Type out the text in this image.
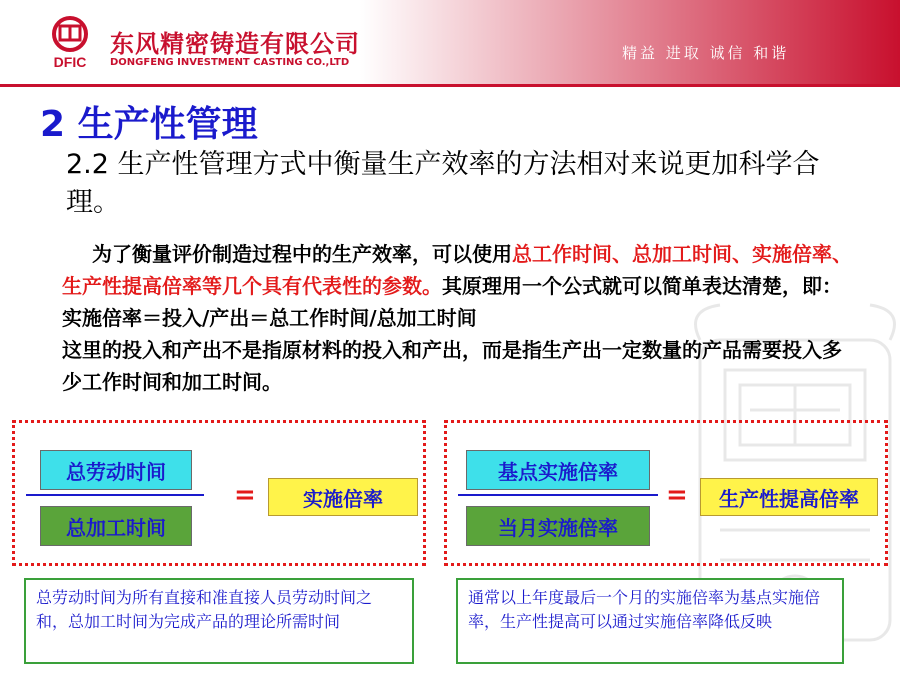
DFIC
东风精密铸造有限公司
DONGFENG INVESTMENT CASTING CO.,LTD
精益 进取 诚信 和谐
2 生产性管理
2.2 生产性管理方式中衡量生产效率的方法相对来说更加科学合理。
为了衡量评价制造过程中的生产效率，可以使用总工作时间、总加工时间、实施倍率、生产性提高倍率等几个具有代表性的参数。其原理用一个公式就可以简单表达清楚，即：
实施倍率＝投入/产出＝总工作时间/总加工时间
这里的投入和产出不是指原材料的投入和产出，而是指生产出一定数量的产品需要投入多少工作时间和加工时间。
总劳动时间
总加工时间
=	实施倍率
基点实施倍率
当月实施倍率
=	生产性提高倍率
总劳动时间为所有直接和准直接人员劳动时间之和，总加工时间为完成产品的理论所需时间
通常以上年度最后一个月的实施倍率为基点实施倍率，生产性提高可以通过实施倍率降低反映
